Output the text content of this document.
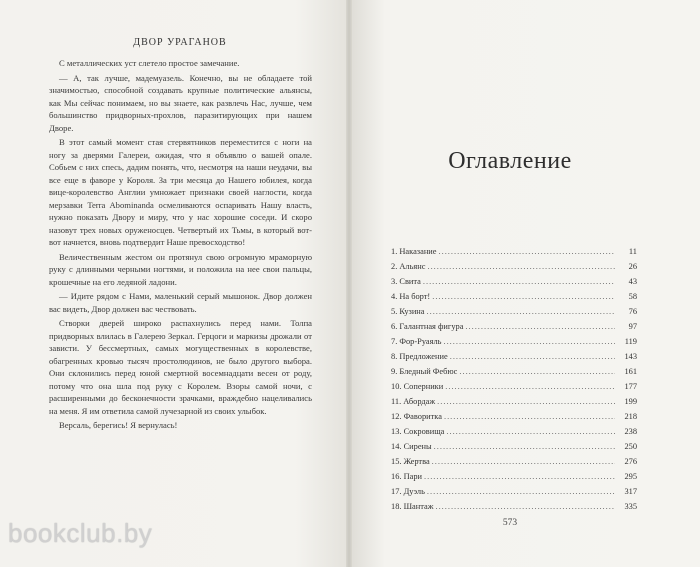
ДВОР УРАГАНОВ

С металлических уст слетело простое замечание.

— А, так лучше, мадемуазель. Конечно, вы не обладаете той значимостью, способной создавать крупные политические альянсы, как Мы сейчас понимаем, но вы знаете, как развлечь Нас, лучше, чем большинство придворных-прохлов, паразитирующих при нашем Дворе.

В этот самый момент стая стервятников переместится с ноги на ногу за дверями Галереи, ожидая, что я объявлю о вашей опале. Собьем с них спесь, дадим понять, что, несмотря на наши неудачи, вы все еще в фаворе у Короля. За три месяца до Нашего юбилея, когда вице-королевство Англии умножает признаки своей наглости, когда мерзавки Terra Abominanda осмеливаются оспаривать Нашу власть, нужно показать Двору и миру, что у нас хорошие соседи. И скоро назовут трех новых оруженосцев. Четвертый их Тьмы, в который вот-вот начнется, вновь подтвердит Наше превосходство!

Величественным жестом он протянул свою огромную мраморную руку с длинными черными ногтями, и положила на нее свои пальцы, крошечные на его ледяной ладони.

— Идите рядом с Нами, маленький серый мышонок. Двор должен вас видеть, Двор должен вас чествовать.

Створки дверей широко распахнулись перед нами. Толпа придворных влилась в Галерею Зеркал. Герцоги и маркизы дрожали от зависти. У бессмертных, самых могущественных в королевстве, обагренных кровью тысяч простолюдинов, не было другого выбора. Они склонились перед юной смертной восемнадцати весен от роду, потому что она шла под руку с Королем. Взоры самой ночи, с расширенными до бесконечности зрачками, враждебно нацеливались на меня. Я им ответила самой лучезарной из своих улыбок.

Версаль, берегись! Я вернулась!

Оглавление
1. Наказание .....	11
2. Альянс .....	26
3. Свита .....	43
4. На борт! .....	58
5. Кузина .....	76
6. Галантная фигура .....	97
7. Фор-Руаяль .....	119
8. Предложение .....	143
9. Бледный Фебюс .....	161
10. Соперники .....	177
11. Абордаж .....	199
12. Фаворитка .....	218
13. Сокровища .....	238
14. Сирены .....	250
15. Жертва .....	276
16. Пари .....	295
17. Дуэль .....	317
18. Шантаж .....	335
573
bookclub.by
